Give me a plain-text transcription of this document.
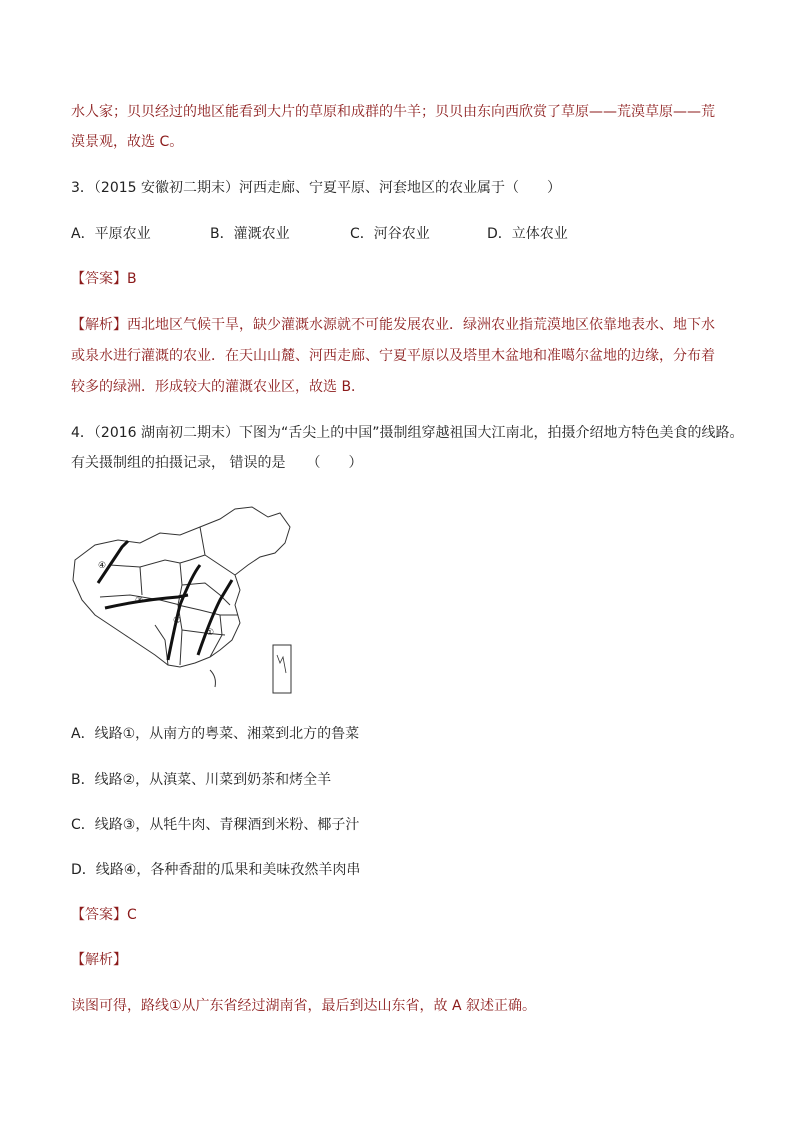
水人家；贝贝经过的地区能看到大片的草原和成群的牛羊；贝贝由东向西欣赏了草原——荒漠草原——荒
漠景观，故选 C。
3．（2015 安徽初二期末）河西走廊、宁夏平原、河套地区的农业属于（　　）
A．平原农业	B．灌溉农业	C．河谷农业	D．立体农业
【答案】B
【解析】西北地区气候干旱，缺少灌溉水源就不可能发展农业．绿洲农业指荒漠地区依靠地表水、地下水
或泉水进行灌溉的农业．在天山山麓、河西走廊、宁夏平原以及塔里木盆地和准噶尔盆地的边缘，分布着
较多的绿洲．形成较大的灌溉农业区，故选 B．
4．（2016 湖南初二期末）下图为“舌尖上的中国”摄制组穿越祖国大江南北，拍摄介绍地方特色美食的线路。
有关摄制组的拍摄记录， 错误的是　　（　　）
④
③
②
①
A．线路①，从南方的粤菜、湘菜到北方的鲁菜
B．线路②，从滇菜、川菜到奶茶和烤全羊
C．线路③，从牦牛肉、青稞酒到米粉、椰子汁
D．线路④，各种香甜的瓜果和美味孜然羊肉串
【答案】C
【解析】
读图可得，路线①从广东省经过湖南省，最后到达山东省，故 A 叙述正确。
